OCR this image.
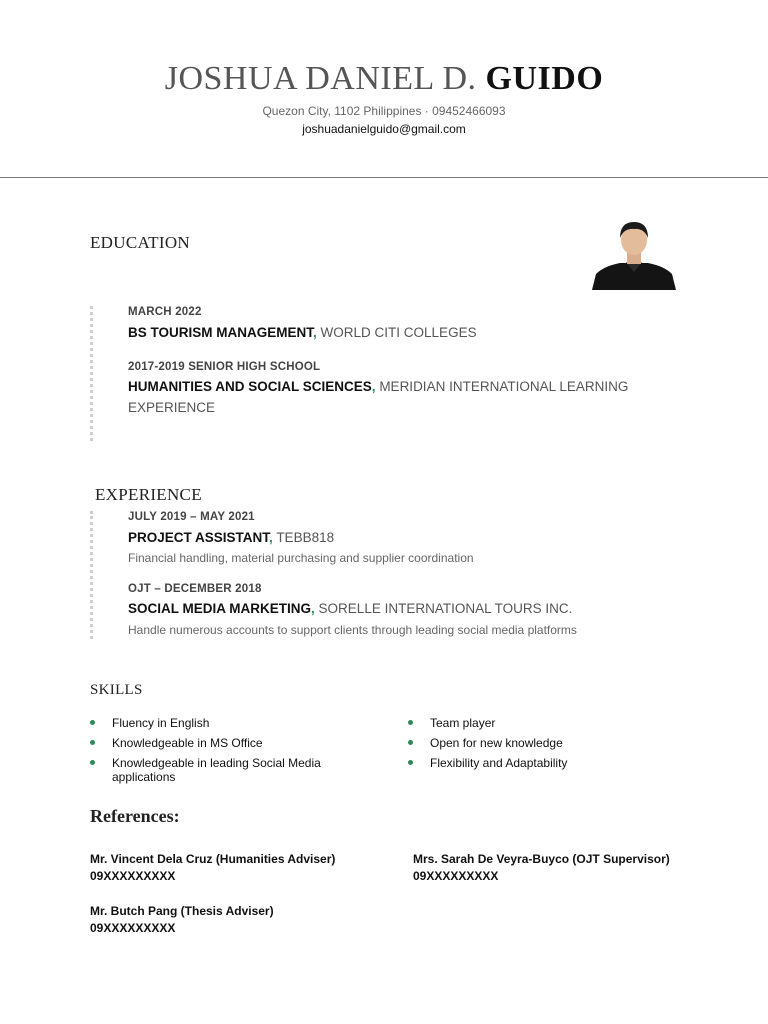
JOSHUA DANIEL D. GUIDO
Quezon City, 1102 Philippines · 09452466093
joshuadanielguido@gmail.com
EDUCATION
MARCH 2022
BS TOURISM MANAGEMENT, WORLD CITI COLLEGES
2017-2019 SENIOR HIGH SCHOOL
HUMANITIES AND SOCIAL SCIENCES, MERIDIAN INTERNATIONAL LEARNING
EXPERIENCE
EXPERIENCE
JULY 2019 – MAY 2021
PROJECT ASSISTANT, TEBB818
Financial handling, material purchasing and supplier coordination
OJT – DECEMBER 2018
SOCIAL MEDIA MARKETING, SORELLE INTERNATIONAL TOURS INC.
Handle numerous accounts to support clients through leading social media platforms
SKILLS
Fluency in English
Knowledgeable in MS Office
Knowledgeable in leading Social Media applications
Team player
Open for new knowledge
Flexibility and Adaptability
References:
Mr. Vincent Dela Cruz (Humanities Adviser)
09XXXXXXXXX
Mrs. Sarah De Veyra-Buyco (OJT Supervisor)
09XXXXXXXXX
Mr. Butch Pang (Thesis Adviser)
09XXXXXXXXX
